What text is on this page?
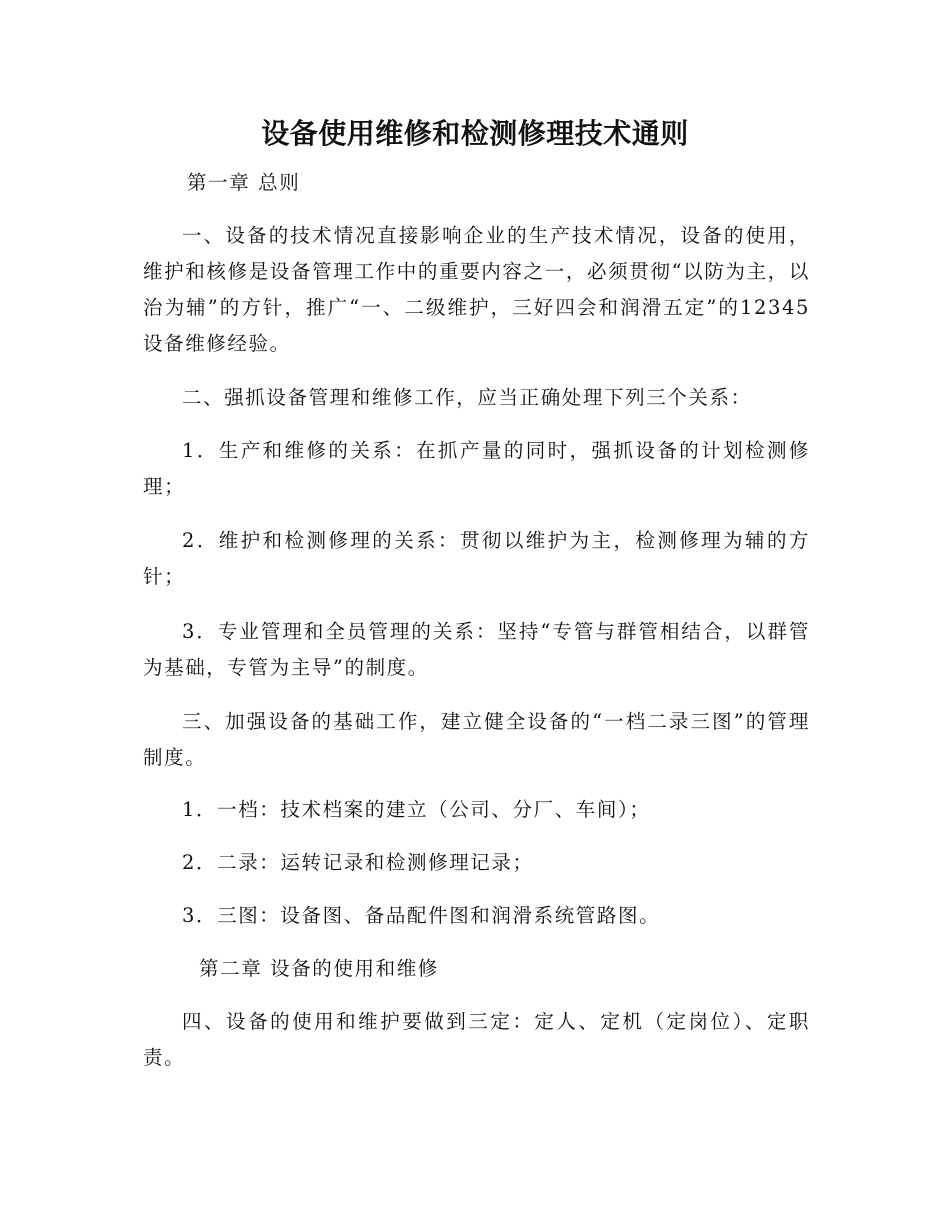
设备使用维修和检测修理技术通则

第一章 总则

一、设备的技术情况直接影响企业的生产技术情况，设备的使用，维护和核修是设备管理工作中的重要内容之一，必须贯彻“以防为主，以治为辅”的方针，推广“一、二级维护，三好四会和润滑五定”的12345设备维修经验。

二、强抓设备管理和维修工作，应当正确处理下列三个关系：

1．生产和维修的关系：在抓产量的同时，强抓设备的计划检测修理；

2．维护和检测修理的关系：贯彻以维护为主，检测修理为辅的方针；

3．专业管理和全员管理的关系：坚持“专管与群管相结合，以群管为基础，专管为主导”的制度。

三、加强设备的基础工作，建立健全设备的“一档二录三图”的管理制度。

1．一档：技术档案的建立（公司、分厂、车间）；

2．二录：运转记录和检测修理记录；

3．三图：设备图、备品配件图和润滑系统管路图。

第二章 设备的使用和维修

四、设备的使用和维护要做到三定：定人、定机（定岗位）、定职责。
